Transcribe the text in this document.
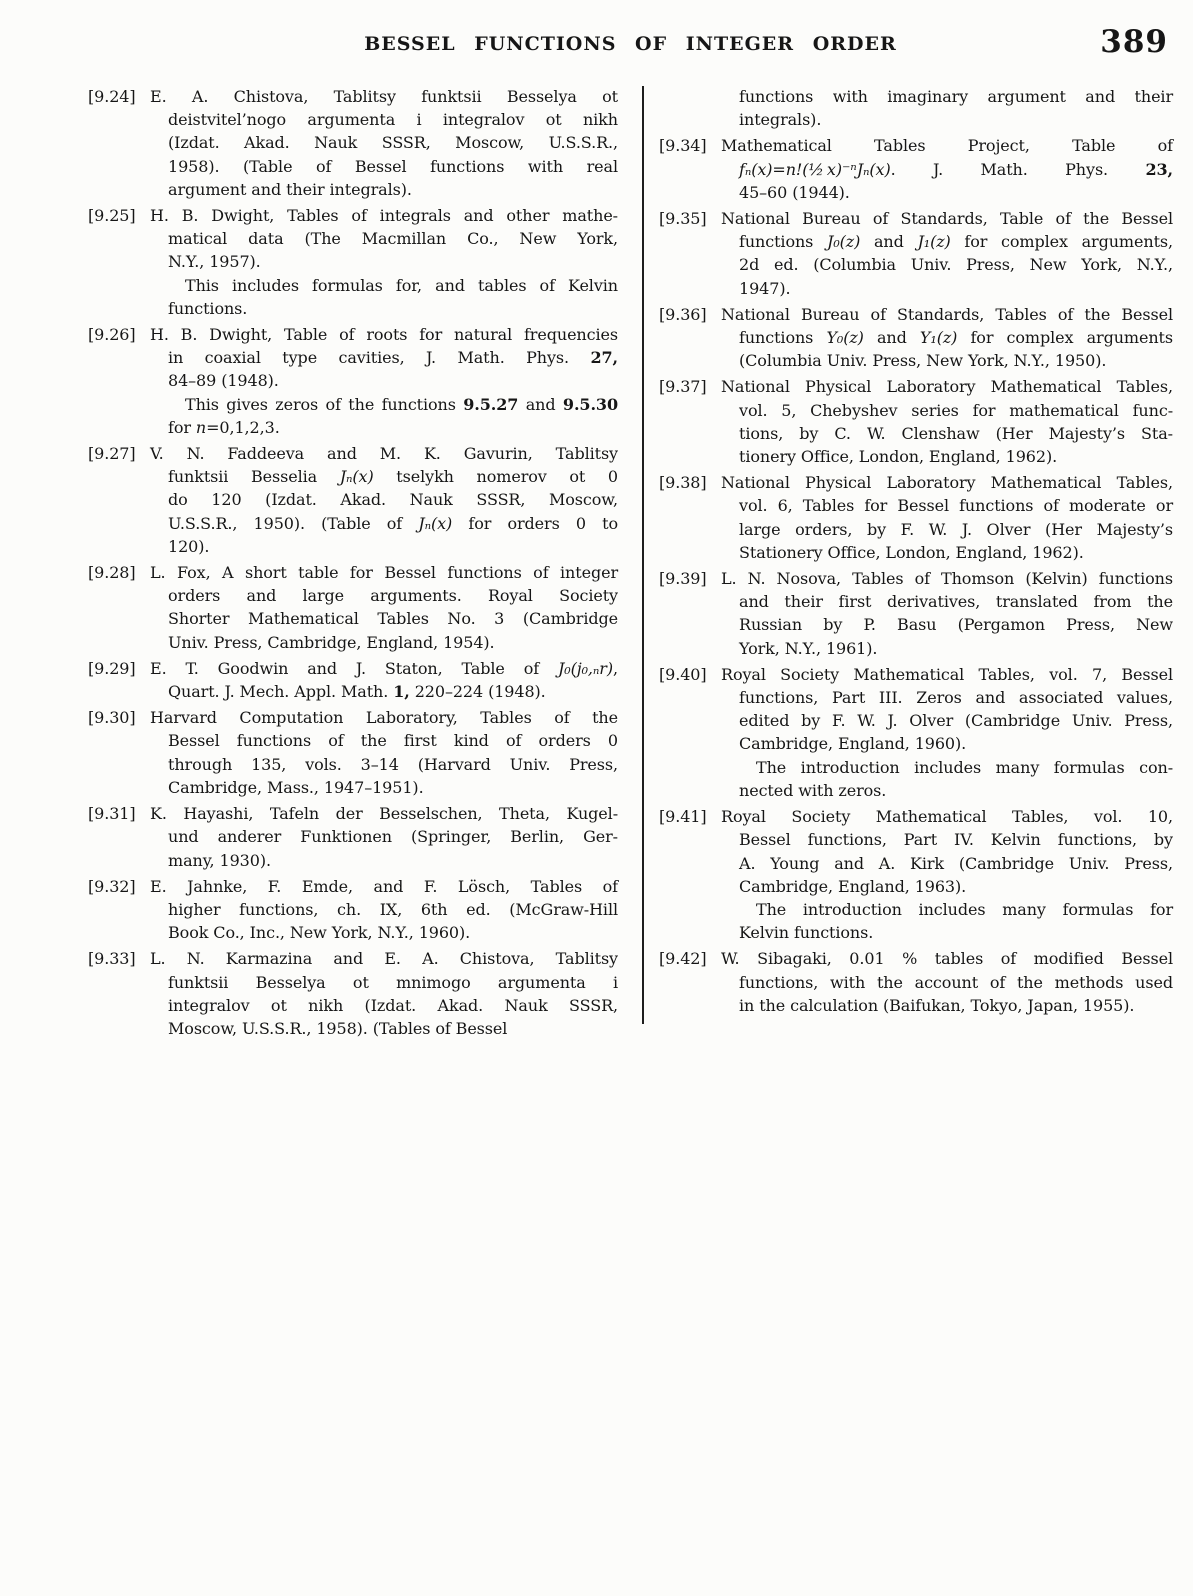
BESSEL FUNCTIONS OF INTEGER ORDER	389
[9.24] E. A. Chistova, Tablitsy funktsii Besselya ot
deistvitel’nogo argumenta i integralov ot nikh
(Izdat. Akad. Nauk SSSR, Moscow, U.S.S.R.,
1958). (Table of Bessel functions with real
argument and their integrals).
[9.25] H. B. Dwight, Tables of integrals and other mathe-
matical data (The Macmillan Co., New York,
N.Y., 1957).
This includes formulas for, and tables of Kelvin
functions.
[9.26] H. B. Dwight, Table of roots for natural frequencies
in coaxial type cavities, J. Math. Phys. 27,
84–89 (1948).
This gives zeros of the functions 9.5.27 and 9.5.30
for n=0,1,2,3.
[9.27] V. N. Faddeeva and M. K. Gavurin, Tablitsy
funktsii Besselia Jₙ(x) tselykh nomerov ot 0
do 120 (Izdat. Akad. Nauk SSSR, Moscow,
U.S.S.R., 1950). (Table of Jₙ(x) for orders 0 to
120).
[9.28] L. Fox, A short table for Bessel functions of integer
orders and large arguments. Royal Society
Shorter Mathematical Tables No. 3 (Cambridge
Univ. Press, Cambridge, England, 1954).
[9.29] E. T. Goodwin and J. Staton, Table of J₀(j₀,ₙr),
Quart. J. Mech. Appl. Math. 1, 220–224 (1948).
[9.30] Harvard Computation Laboratory, Tables of the
Bessel functions of the first kind of orders 0
through 135, vols. 3–14 (Harvard Univ. Press,
Cambridge, Mass., 1947–1951).
[9.31] K. Hayashi, Tafeln der Besselschen, Theta, Kugel-
und anderer Funktionen (Springer, Berlin, Ger-
many, 1930).
[9.32] E. Jahnke, F. Emde, and F. Lösch, Tables of
higher functions, ch. IX, 6th ed. (McGraw-Hill
Book Co., Inc., New York, N.Y., 1960).
[9.33] L. N. Karmazina and E. A. Chistova, Tablitsy
funktsii Besselya ot mnimogo argumenta i
integralov ot nikh (Izdat. Akad. Nauk SSSR,
Moscow, U.S.S.R., 1958). (Tables of Bessel
functions with imaginary argument and their
integrals).
[9.34] Mathematical Tables Project, Table of
fₙ(x)=n!(½ x)⁻ⁿJₙ(x). J. Math. Phys. 23,
45–60 (1944).
[9.35] National Bureau of Standards, Table of the Bessel
functions J₀(z) and J₁(z) for complex arguments,
2d ed. (Columbia Univ. Press, New York, N.Y.,
1947).
[9.36] National Bureau of Standards, Tables of the Bessel
functions Y₀(z) and Y₁(z) for complex arguments
(Columbia Univ. Press, New York, N.Y., 1950).
[9.37] National Physical Laboratory Mathematical Tables,
vol. 5, Chebyshev series for mathematical func-
tions, by C. W. Clenshaw (Her Majesty’s Sta-
tionery Office, London, England, 1962).
[9.38] National Physical Laboratory Mathematical Tables,
vol. 6, Tables for Bessel functions of moderate or
large orders, by F. W. J. Olver (Her Majesty’s
Stationery Office, London, England, 1962).
[9.39] L. N. Nosova, Tables of Thomson (Kelvin) functions
and their first derivatives, translated from the
Russian by P. Basu (Pergamon Press, New
York, N.Y., 1961).
[9.40] Royal Society Mathematical Tables, vol. 7, Bessel
functions, Part III. Zeros and associated values,
edited by F. W. J. Olver (Cambridge Univ. Press,
Cambridge, England, 1960).
The introduction includes many formulas con-
nected with zeros.
[9.41] Royal Society Mathematical Tables, vol. 10,
Bessel functions, Part IV. Kelvin functions, by
A. Young and A. Kirk (Cambridge Univ. Press,
Cambridge, England, 1963).
The introduction includes many formulas for
Kelvin functions.
[9.42] W. Sibagaki, 0.01 % tables of modified Bessel
functions, with the account of the methods used
in the calculation (Baifukan, Tokyo, Japan, 1955).
